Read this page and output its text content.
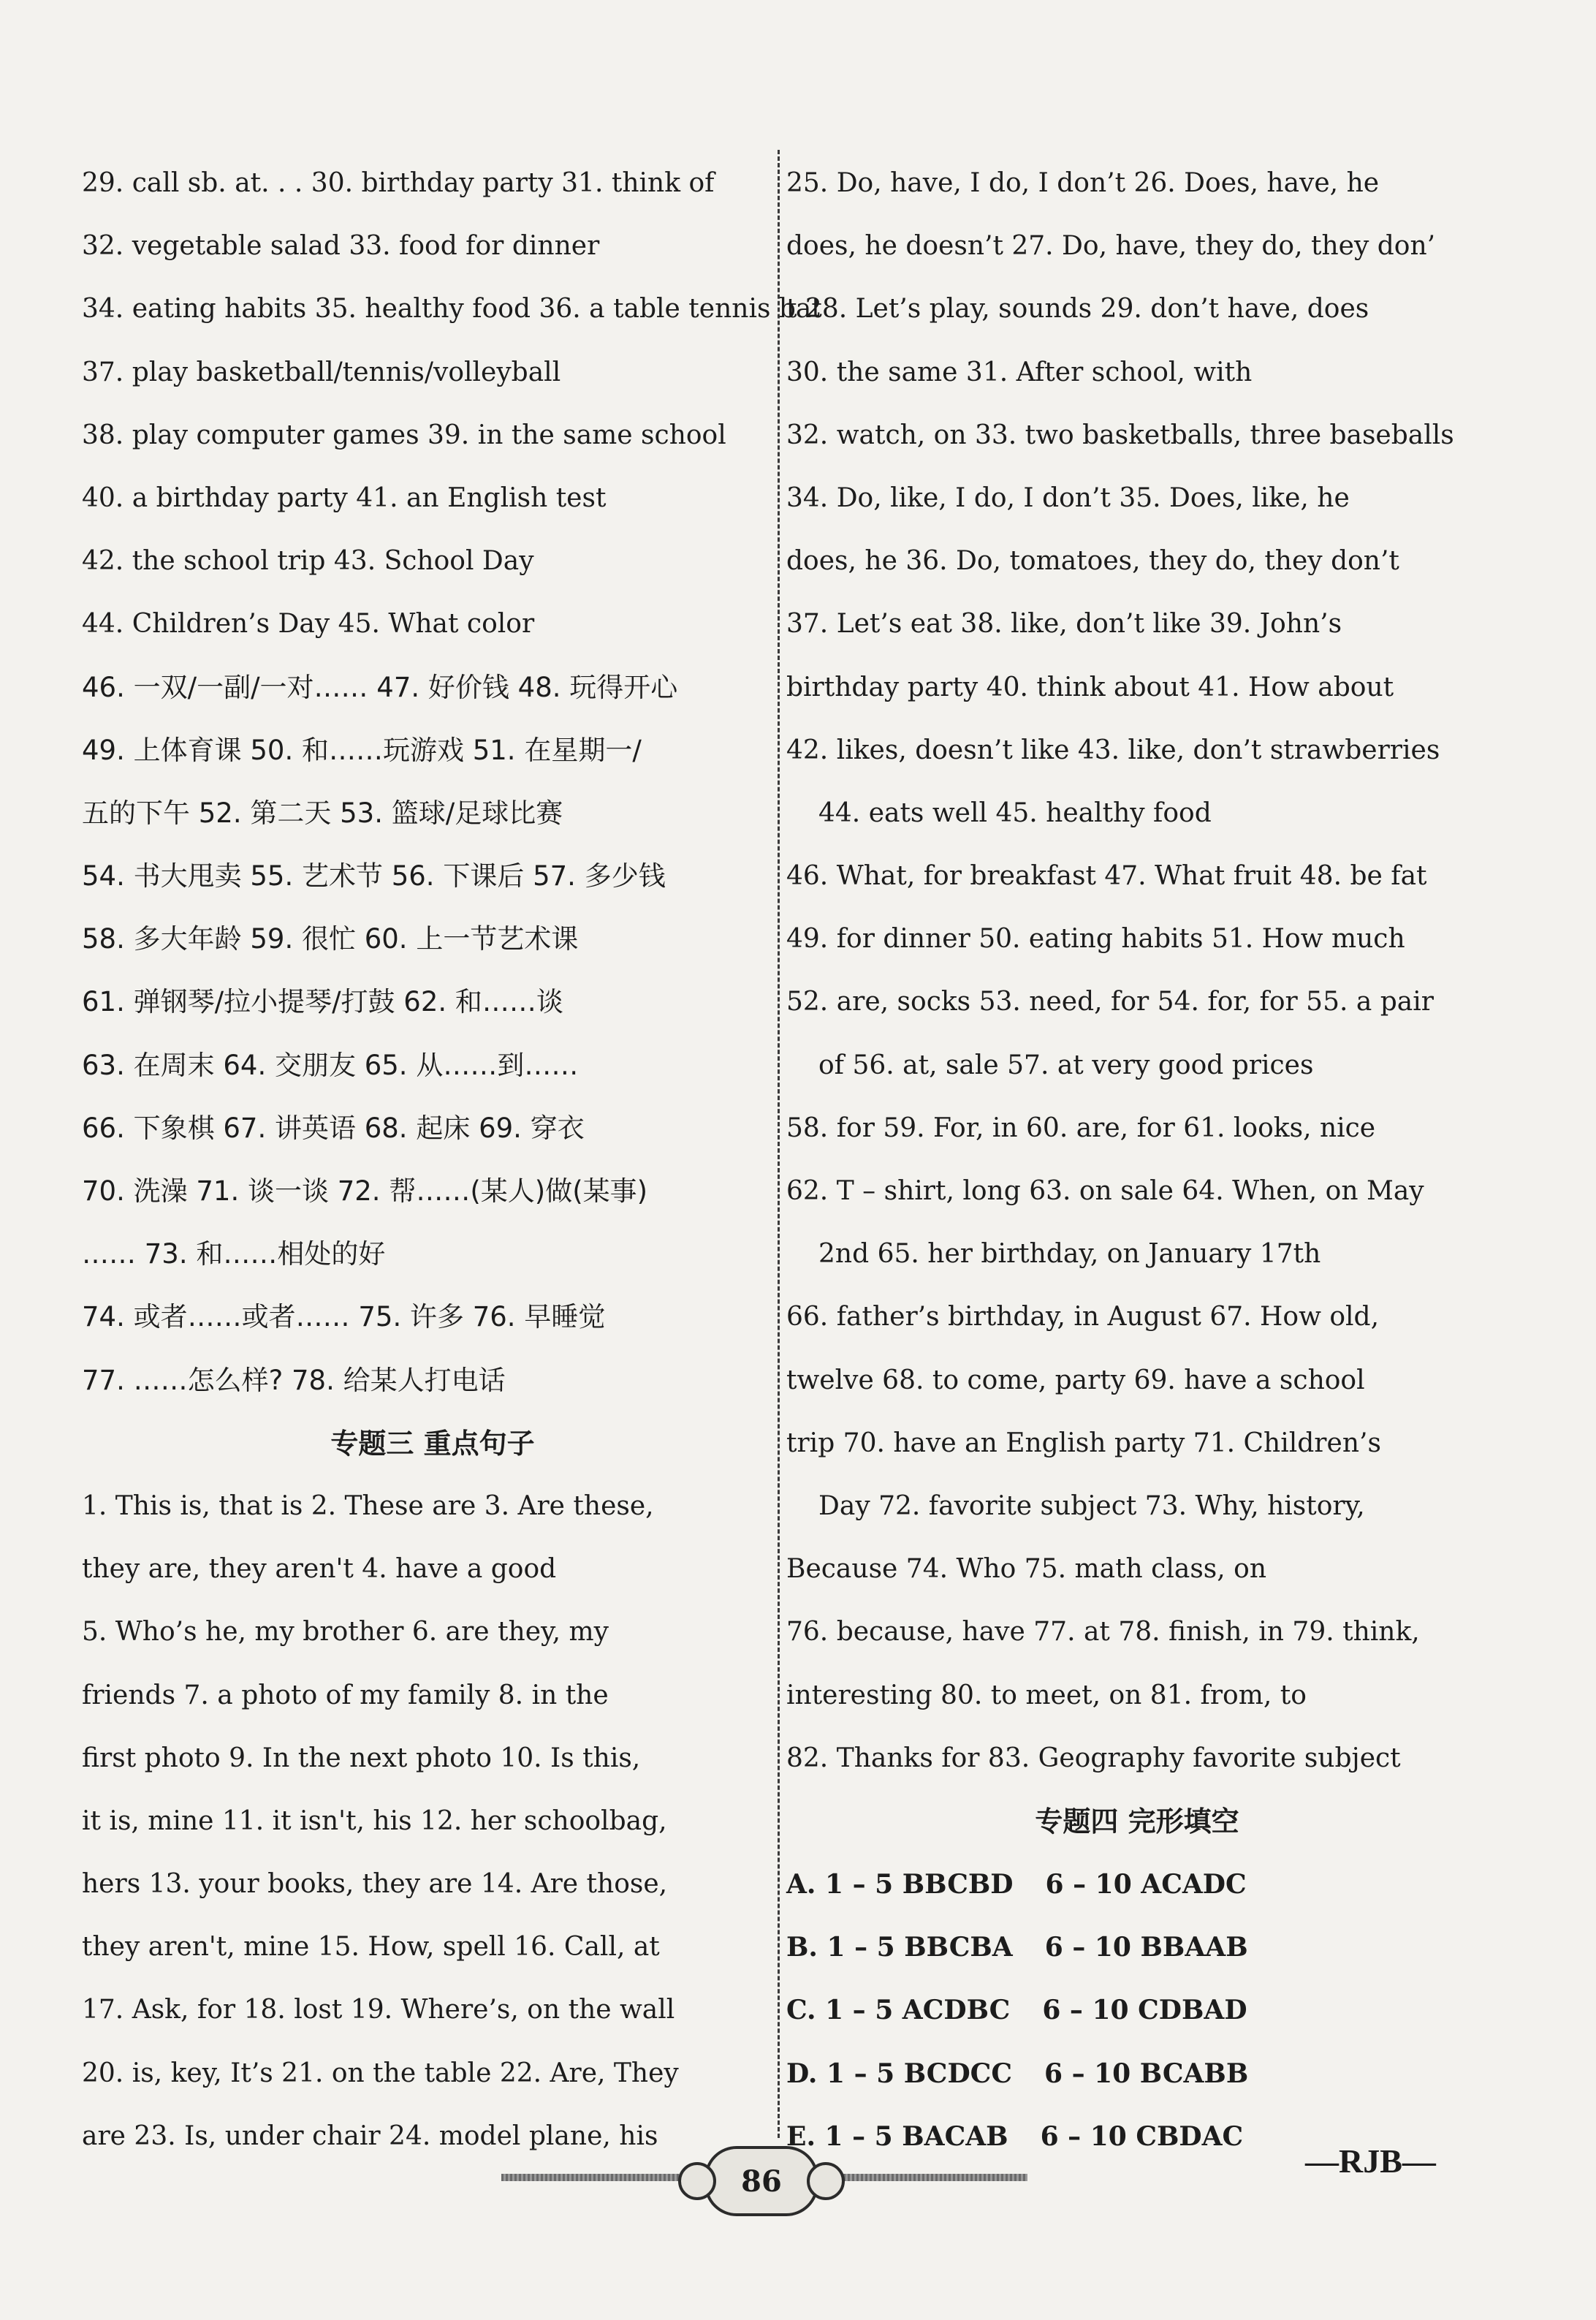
29. call sb. at. . . 30. birthday party 31. think of
32. vegetable salad 33. food for dinner
34. eating habits 35. healthy food 36. a table tennis bat
37. play basketball/tennis/volleyball
38. play computer games 39. in the same school
40. a birthday party 41. an English test
42. the school trip 43. School Day
44. Children’s Day 45. What color
46. 一双/一副/一对…… 47. 好价钱 48. 玩得开心
49. 上体育课 50. 和……玩游戏 51. 在星期一/
五的下午 52. 第二天 53. 篮球/足球比赛
54. 书大甩卖 55. 艺术节 56. 下课后 57. 多少钱
58. 多大年龄 59. 很忙 60. 上一节艺术课
61. 弹钢琴/拉小提琴/打鼓 62. 和……谈
63. 在周末 64. 交朋友 65. 从……到……
66. 下象棋 67. 讲英语 68. 起床 69. 穿衣
70. 洗澡 71. 谈一谈 72. 帮……(某人)做(某事)
…… 73. 和……相处的好
74. 或者……或者…… 75. 许多 76. 早睡觉
77. ……怎么样? 78. 给某人打电话
专题三 重点句子
1. This is, that is 2. These are 3. Are these,
they are, they aren't 4. have a good
5. Who’s he, my brother 6. are they, my
friends 7. a photo of my family 8. in the
first photo 9. In the next photo 10. Is this,
it is, mine 11. it isn't, his 12. her schoolbag,
hers 13. your books, they are 14. Are those,
they aren't, mine 15. How, spell 16. Call, at
17. Ask, for 18. lost 19. Where’s, on the wall
20. is, key, It’s 21. on the table 22. Are, They
are 23. Is, under chair 24. model plane, his
25. Do, have, I do, I don’t 26. Does, have, he
does, he doesn’t 27. Do, have, they do, they don’
t 28. Let’s play, sounds 29. don’t have, does
30. the same 31. After school, with
32. watch, on 33. two basketballs, three baseballs
34. Do, like, I do, I don’t 35. Does, like, he
does, he 36. Do, tomatoes, they do, they don’t
37. Let’s eat 38. like, don’t like 39. John’s
birthday party 40. think about 41. How about
42. likes, doesn’t like 43. like, don’t strawberries
44. eats well 45. healthy food
46. What, for breakfast 47. What fruit 48. be fat
49. for dinner 50. eating habits 51. How much
52. are, socks 53. need, for 54. for, for 55. a pair
of 56. at, sale 57. at very good prices
58. for 59. For, in 60. are, for 61. looks, nice
62. T – shirt, long 63. on sale 64. When, on May
2nd 65. her birthday, on January 17th
66. father’s birthday, in August 67. How old,
twelve 68. to come, party 69. have a school
trip 70. have an English party 71. Children’s
Day 72. favorite subject 73. Why, history,
Because 74. Who 75. math class, on
76. because, have 77. at 78. finish, in 79. think,
interesting 80. to meet, on 81. from, to
82. Thanks for 83. Geography favorite subject
专题四 完形填空
A. 1 – 5 BBCBD 6 – 10 ACADC
B. 1 – 5 BBCBA 6 – 10 BBAAB
C. 1 – 5 ACDBC 6 – 10 CDBAD
D. 1 – 5 BCDCC 6 – 10 BCABB
E. 1 – 5 BACAB 6 – 10 CBDAC
86
—RJB—
